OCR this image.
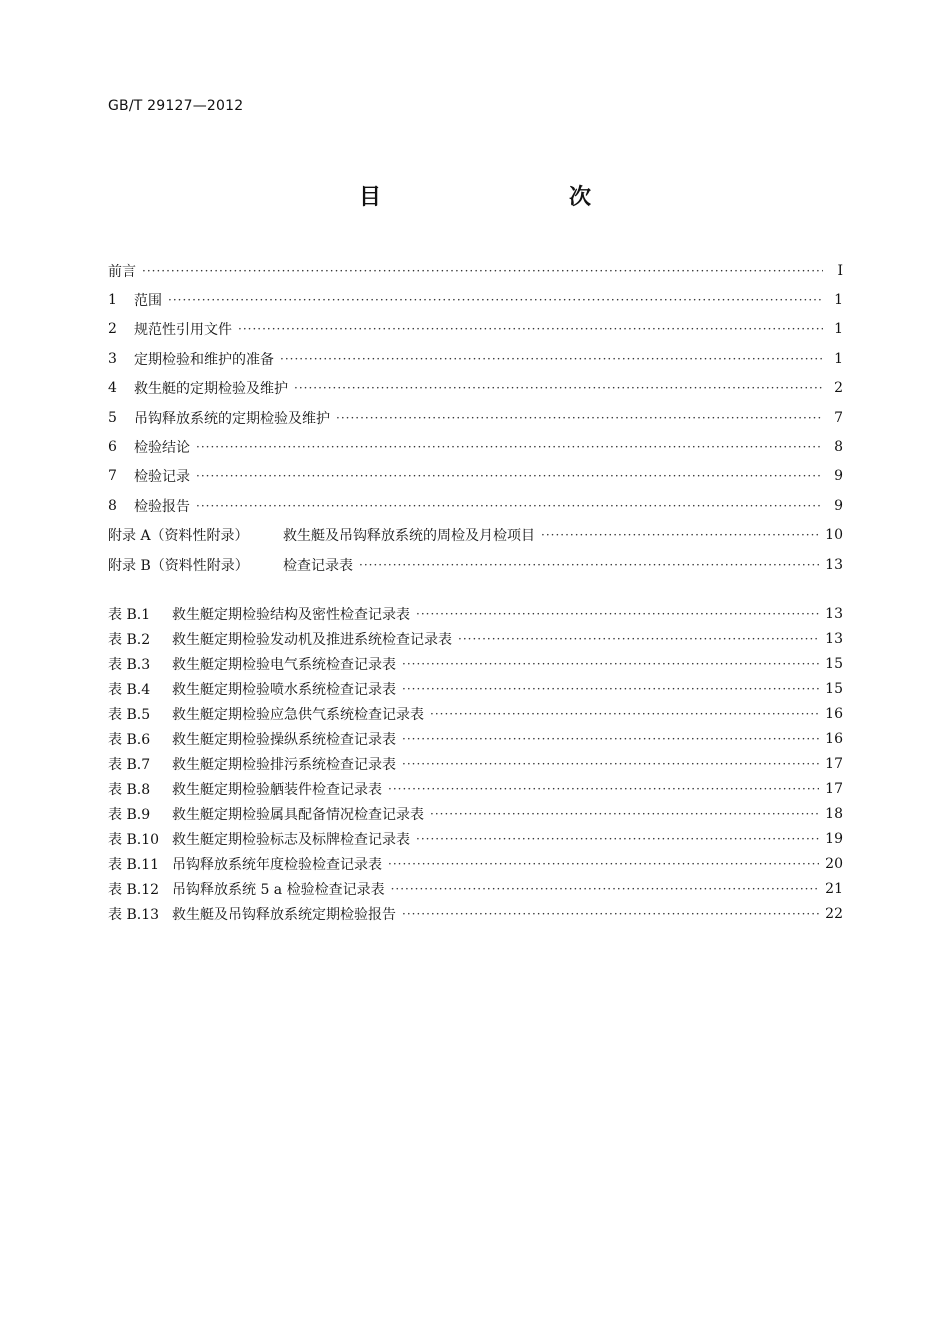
GB/T 29127—2012
目　　次
前言 ·····	Ⅰ
1	范围 ·····	1
2	规范性引用文件 ·····	1
3	定期检验和维护的准备 ·····	1
4	救生艇的定期检验及维护 ·····	2
5	吊钩释放系统的定期检验及维护 ·····	7
6	检验结论 ·····	8
7	检验记录 ·····	9
8	检验报告 ·····	9
附录 A（资料性附录）	救生艇及吊钩释放系统的周检及月检项目 ·····	10
附录 B（资料性附录）	检查记录表 ·····	13
表 B.1	救生艇定期检验结构及密性检查记录表 ·····	13
表 B.2	救生艇定期检验发动机及推进系统检查记录表 ·····	13
表 B.3	救生艇定期检验电气系统检查记录表 ·····	15
表 B.4	救生艇定期检验喷水系统检查记录表 ·····	15
表 B.5	救生艇定期检验应急供气系统检查记录表 ·····	16
表 B.6	救生艇定期检验操纵系统检查记录表 ·····	16
表 B.7	救生艇定期检验排污系统检查记录表 ·····	17
表 B.8	救生艇定期检验舾装件检查记录表 ·····	17
表 B.9	救生艇定期检验属具配备情况检查记录表 ·····	18
表 B.10 救生艇定期检验标志及标牌检查记录表 ·····	19
表 B.11 吊钩释放系统年度检验检查记录表 ·····	20
表 B.12 吊钩释放系统 5 a 检验检查记录表 ·····	21
表 B.13 救生艇及吊钩释放系统定期检验报告 ·····	22
